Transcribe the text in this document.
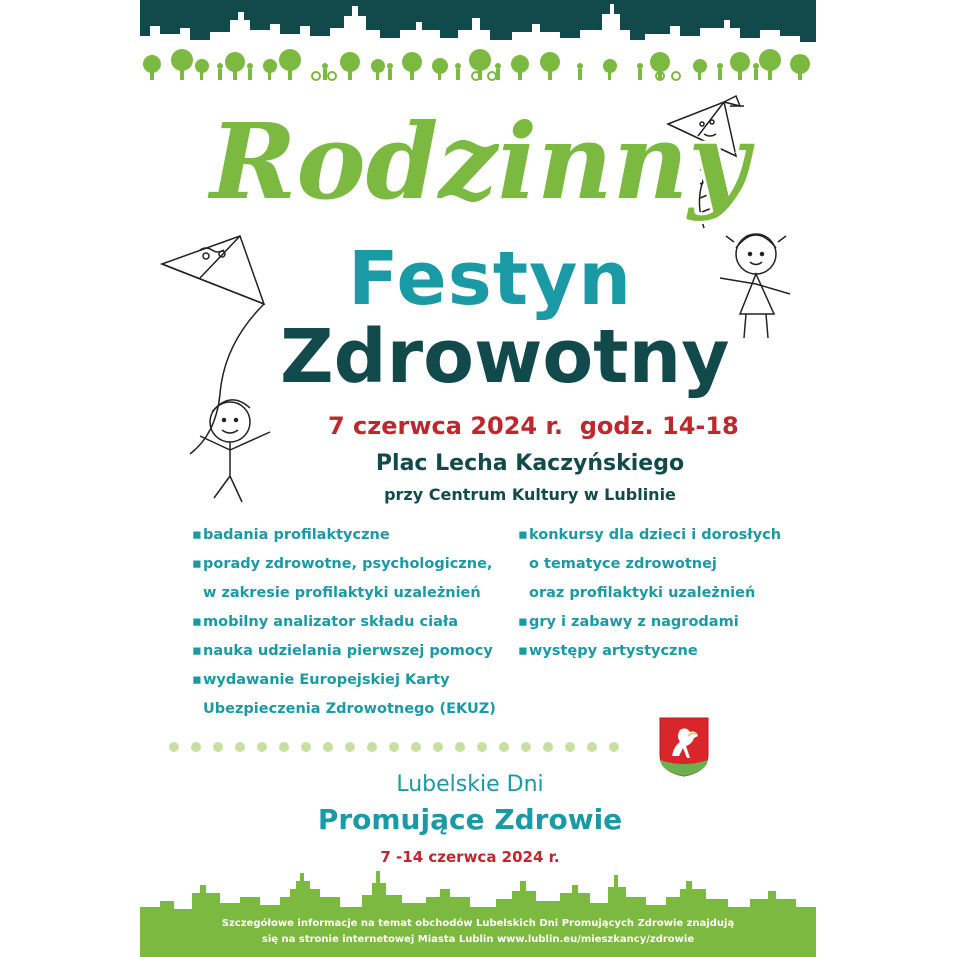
Rodzinny
Festyn
Zdrowotny
7 czerwca 2024 r.  godz. 14-18
Plac Lecha Kaczyńskiego
przy Centrum Kultury w Lublinie
▪badania profilaktyczne
▪porady zdrowotne, psychologiczne,
w zakresie profilaktyki uzależnień
▪mobilny analizator składu ciała
▪nauka udzielania pierwszej pomocy
▪wydawanie Europejskiej Karty
Ubezpieczenia Zdrowotnego (EKUZ)
▪konkursy dla dzieci i dorosłych
o tematyce zdrowotnej
oraz profilaktyki uzależnień
▪gry i zabawy z nagrodami
▪występy artystyczne
Lubelskie Dni
Promujące Zdrowie
7 -14 czerwca 2024 r.
Szczegółowe informacje na temat obchodów Lubelskich Dni Promujących Zdrowie znajdują
się na stronie internetowej Miasta Lublin www.lublin.eu/mieszkancy/zdrowie
